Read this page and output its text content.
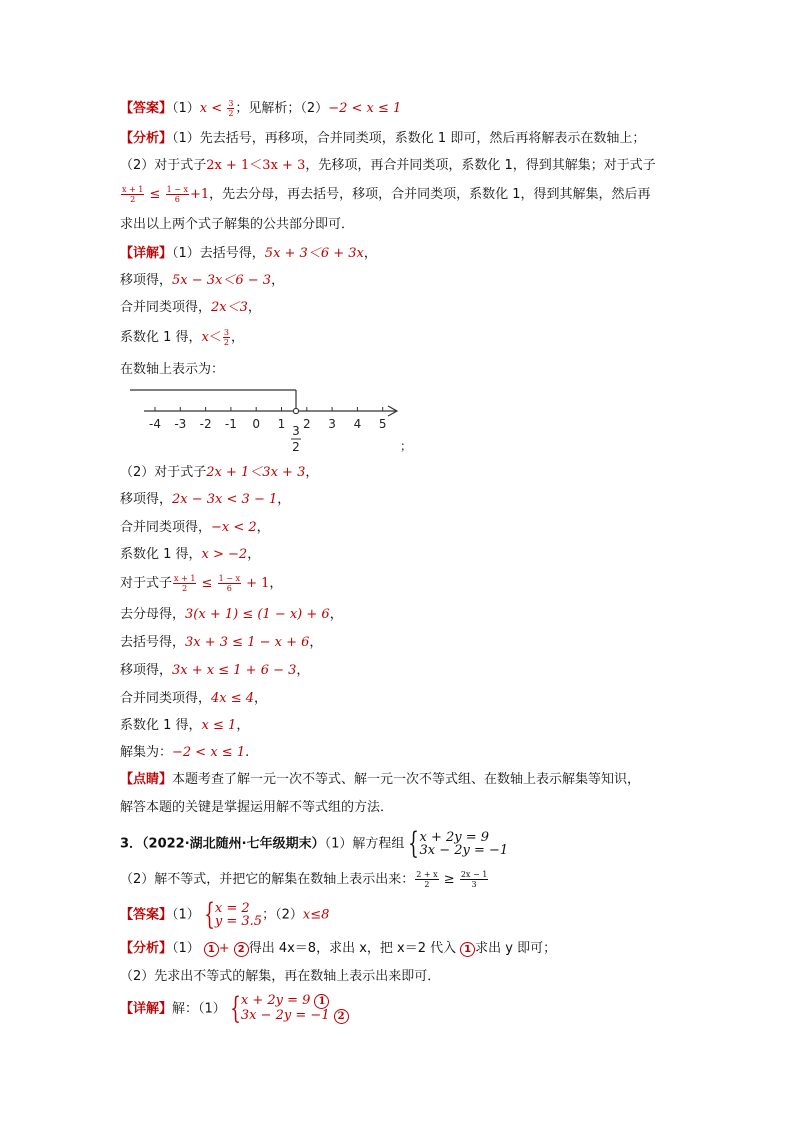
【答案】$(1)x < \frac{3}{2}$ ；见解析；（2）−2 < x ≤ 1
【分析】（1）先去括号，再移项，合并同类项，系数化 1 即可，然后再将解表示在数轴上；
（2）对于式子2x + 1＜3x + 3，先移项，再合并同类项，系数化 1，得到其解集；对于式子
$\frac{x + 1}{2} \le \frac{1 - x}{6} +1$，先去分母，再去括号，移项，合并同类项，系数化 1，得到其解集，然后再
求出以上两个式子解集的公共部分即可．
【详解】（1）去括号得，5x + 3＜6 + 3x，
移项得，5x − 3x＜6 − 3，
合并同类项得，2x＜3，
系数化 1 得，$x< \frac{3}{2}$ ，
在数轴上表示为：
-4 -3 -2 -1 0 1 2 3 4 5
3
2	；
（2）对于式子2x + 1＜3x + 3，
移项得，2x − 3x < 3 − 1，
合并同类项得，−x < 2，
系数化 1 得，x > −2，
对于式子 $\frac{x + 1}{2} \le \frac{1 - x}{6} + 1$，
去分母得，3(x + 1) ≤ (1 − x) + 6，
去括号得，3x + 3 ≤ 1 − x + 6，
移项得，3x + x ≤ 1 + 6 − 3，
合并同类项得，4x ≤ 4，
系数化 1 得，x ≤ 1，
解集为：−2 < x ≤ 1.
【点睛】本题考查了解一元一次不等式、解一元一次不等式组、在数轴上表示解集等知识，
解答本题的关键是掌握运用解不等式组的方法．
3．（2022·湖北随州·七年级期末）（1）解方程组 { x + 2y = 9
3x − 2y = −1
（2）解不等式，并把它的解集在数轴上表示出来： $\frac{2 + x}{2} \ge \frac{2x - 1}{3}$
【答案】（1） { x = 2
y = 3.5 ；（2）x≤8
【分析】（1） 1 + 2 得出 4x＝8，求出 x，把 x＝2 代入 1 求出 y 即可；
（2）先求出不等式的解集，再在数轴上表示出来即可．
【详解】解：（1） { x + 2y = 9 1
3x − 2y = −1 2
